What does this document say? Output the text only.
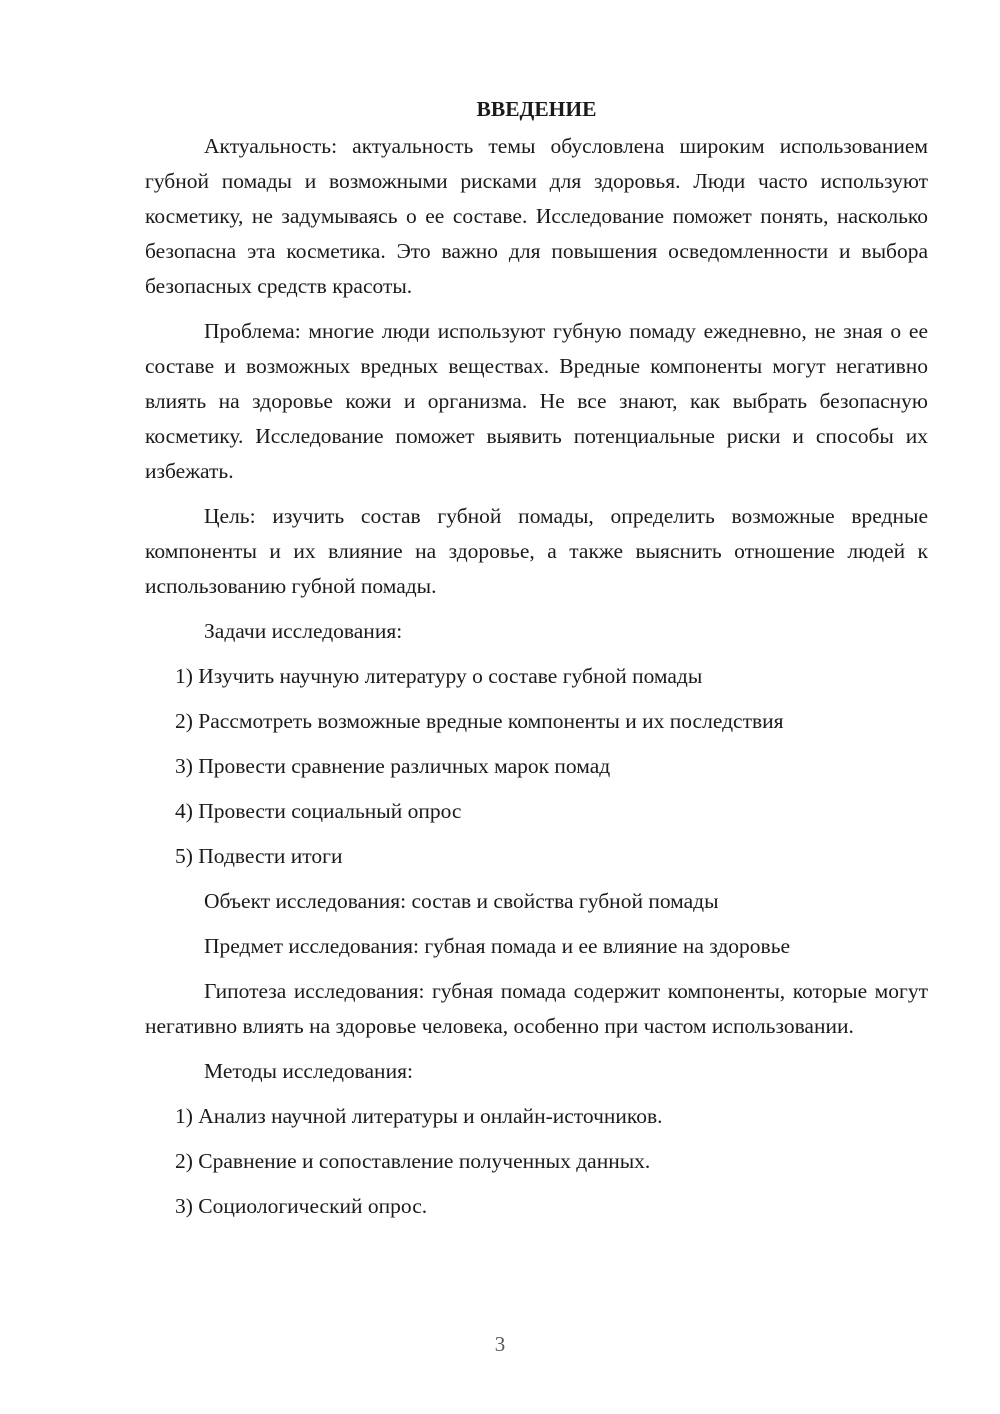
ВВЕДЕНИЕ

Актуальность: актуальность темы обусловлена широким использованием губной помады и возможными рисками для здоровья. Люди часто используют косметику, не задумываясь о ее составе. Исследование поможет понять, насколько безопасна эта косметика. Это важно для повышения осведомленности и выбора безопасных средств красоты.

Проблема: многие люди используют губную помаду ежедневно, не зная о ее составе и возможных вредных веществах. Вредные компоненты могут негативно влиять на здоровье кожи и организма. Не все знают, как выбрать безопасную косметику. Исследование поможет выявить потенциальные риски и способы их избежать.

Цель: изучить состав губной помады, определить возможные вредные компоненты и их влияние на здоровье, а также выяснить отношение людей к использованию губной помады.

Задачи исследования:

1) Изучить научную литературу о составе губной помады
2) Рассмотреть возможные вредные компоненты и их последствия
3) Провести сравнение различных марок помад
4) Провести социальный опрос
5) Подвести итоги

Объект исследования: состав и свойства губной помады

Предмет исследования: губная помада и ее влияние на здоровье

Гипотеза исследования: губная помада содержит компоненты, которые могут негативно влиять на здоровье человека, особенно при частом использовании.

Методы исследования:

1) Анализ научной литературы и онлайн-источников.
2) Сравнение и сопоставление полученных данных.
3) Социологический опрос.
3
